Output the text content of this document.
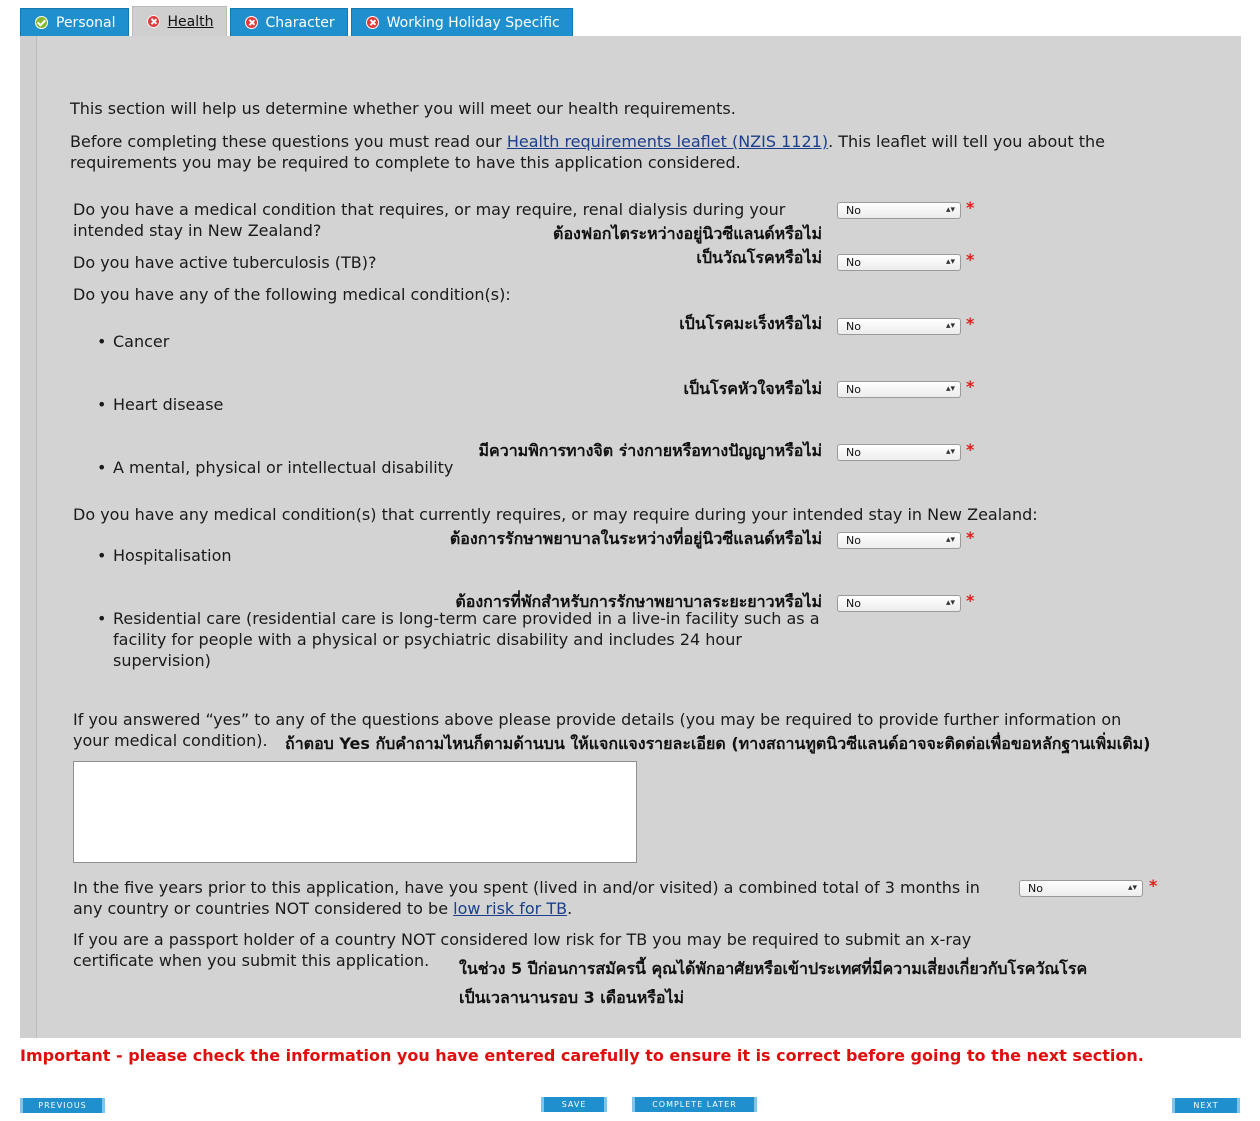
Personal	Health	Character	Working Holiday Specific
This section will help us determine whether you will meet our health requirements.
Before completing these questions you must read our Health requirements leaflet (NZIS 1121). This leaflet will tell you about the
requirements you may be required to complete to have this application considered.
Do you have a medical condition that requires, or may require, renal dialysis during your
intended stay in New Zealand?	ต้องฟอกไตระหว่างอยู่นิวซีแลนด์หรือไม่
No	▴▾ *
Do you have active tuberculosis (TB)?	เป็นวัณโรคหรือไม่	No	▴▾ *
Do you have any of the following medical condition(s):
• Cancer
เป็นโรคมะเร็งหรือไม่	No	▴▾ *
• Heart disease
เป็นโรคหัวใจหรือไม่	No	▴▾ *
• A mental, physical or intellectual disability
มีความพิการทางจิต ร่างกายหรือทางปัญญาหรือไม่	No	▴▾ *
Do you have any medical condition(s) that currently requires, or may require during your intended stay in New Zealand:
• Hospitalisation
ต้องการรักษาพยาบาลในระหว่างที่อยู่นิวซีแลนด์หรือไม่	No	▴▾ *
• Residential care (residential care is long-term care provided in a live-in facility such as a
facility for people with a physical or psychiatric disability and includes 24 hour
supervision)
ต้องการที่พักสำหรับการรักษาพยาบาลระยะยาวหรือไม่	No	▴▾ *
If you answered “yes” to any of the questions above please provide details (you may be required to provide further information on
your medical condition). ถ้าตอบ Yes กับคำถามไหนก็ตามด้านบน ให้แจกแจงรายละเอียด (ทางสถานทูตนิวซีแลนด์อาจจะติดต่อเพื่อขอหลักฐานเพิ่มเติม)
In the five years prior to this application, have you spent (lived in and/or visited) a combined total of 3 months in
any country or countries NOT considered to be low risk for TB.
No	▴▾ *
If you are a passport holder of a country NOT considered low risk for TB you may be required to submit an x-ray
certificate when you submit this application. ในช่วง 5 ปีก่อนการสมัครนี้ คุณได้พักอาศัยหรือเข้าประเทศที่มีความเสี่ยงเกี่ยวกับโรควัณโรค
เป็นเวลานานรอบ 3 เดือนหรือไม่
Important - please check the information you have entered carefully to ensure it is correct before going to the next section.
PREVIOUS	SAVE	COMPLETE LATER	NEXT
